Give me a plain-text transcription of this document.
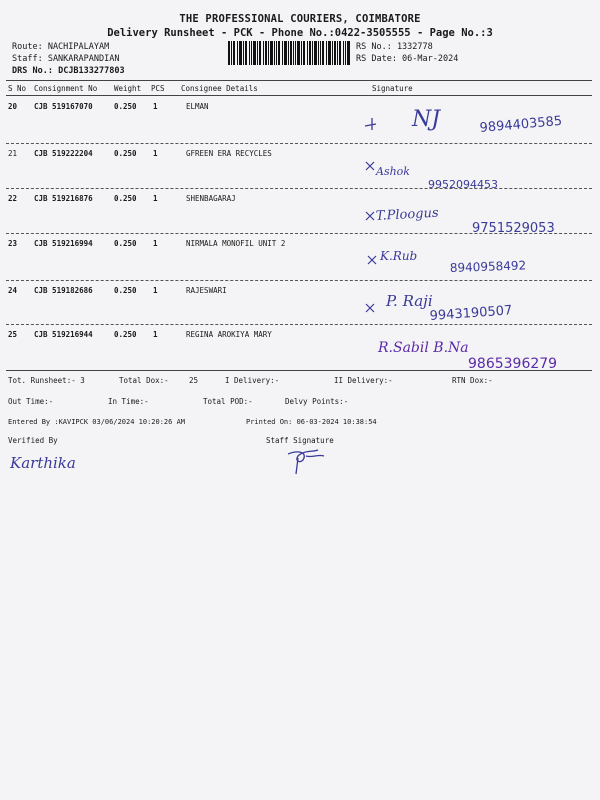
THE PROFESSIONAL COURIERS, COIMBATORE
Delivery Runsheet - PCK - Phone No.:0422-3505555 - Page No.:3
Route: NACHIPALAYAM
Staff: SANKARAPANDIAN
DRS No.: DCJB133277803
RS No.: 1332778
RS Date: 06-Mar-2024
S No Consignment No Weight PCS Consignee Details	Signature
20 CJB 519167070	0.250 1	ELMAN
NJ	9894403585
21 CJB 519222204	0.250 1	GFREEN ERA RECYCLES
Ashok
9952094453
22 CJB 519216876	0.250 1	SHENBAGARAJ
T.Ploogus
9751529053
23 CJB 519216994	0.250 1	NIRMALA MONOFIL UNIT 2
K.Rub
8940958492
24 CJB 519182686	0.250 1	RAJESWARI
P. Raji
9943190507
25 CJB 519216944	0.250 1	REGINA AROKIYA MARY
R.Sabil B.Na
9865396279
Tot. Runsheet:- 3	Total Dox:-	25	I Delivery:-	II Delivery:-	RTN Dox:-
Out Time:-	In Time:-	Total POD:-	Delvy Points:-
Entered By :KAVIPCK 03/06/2024 10:20:26 AM	Printed On: 06-03-2024 10:38:54
Verified By
Karthika
Staff Signature
